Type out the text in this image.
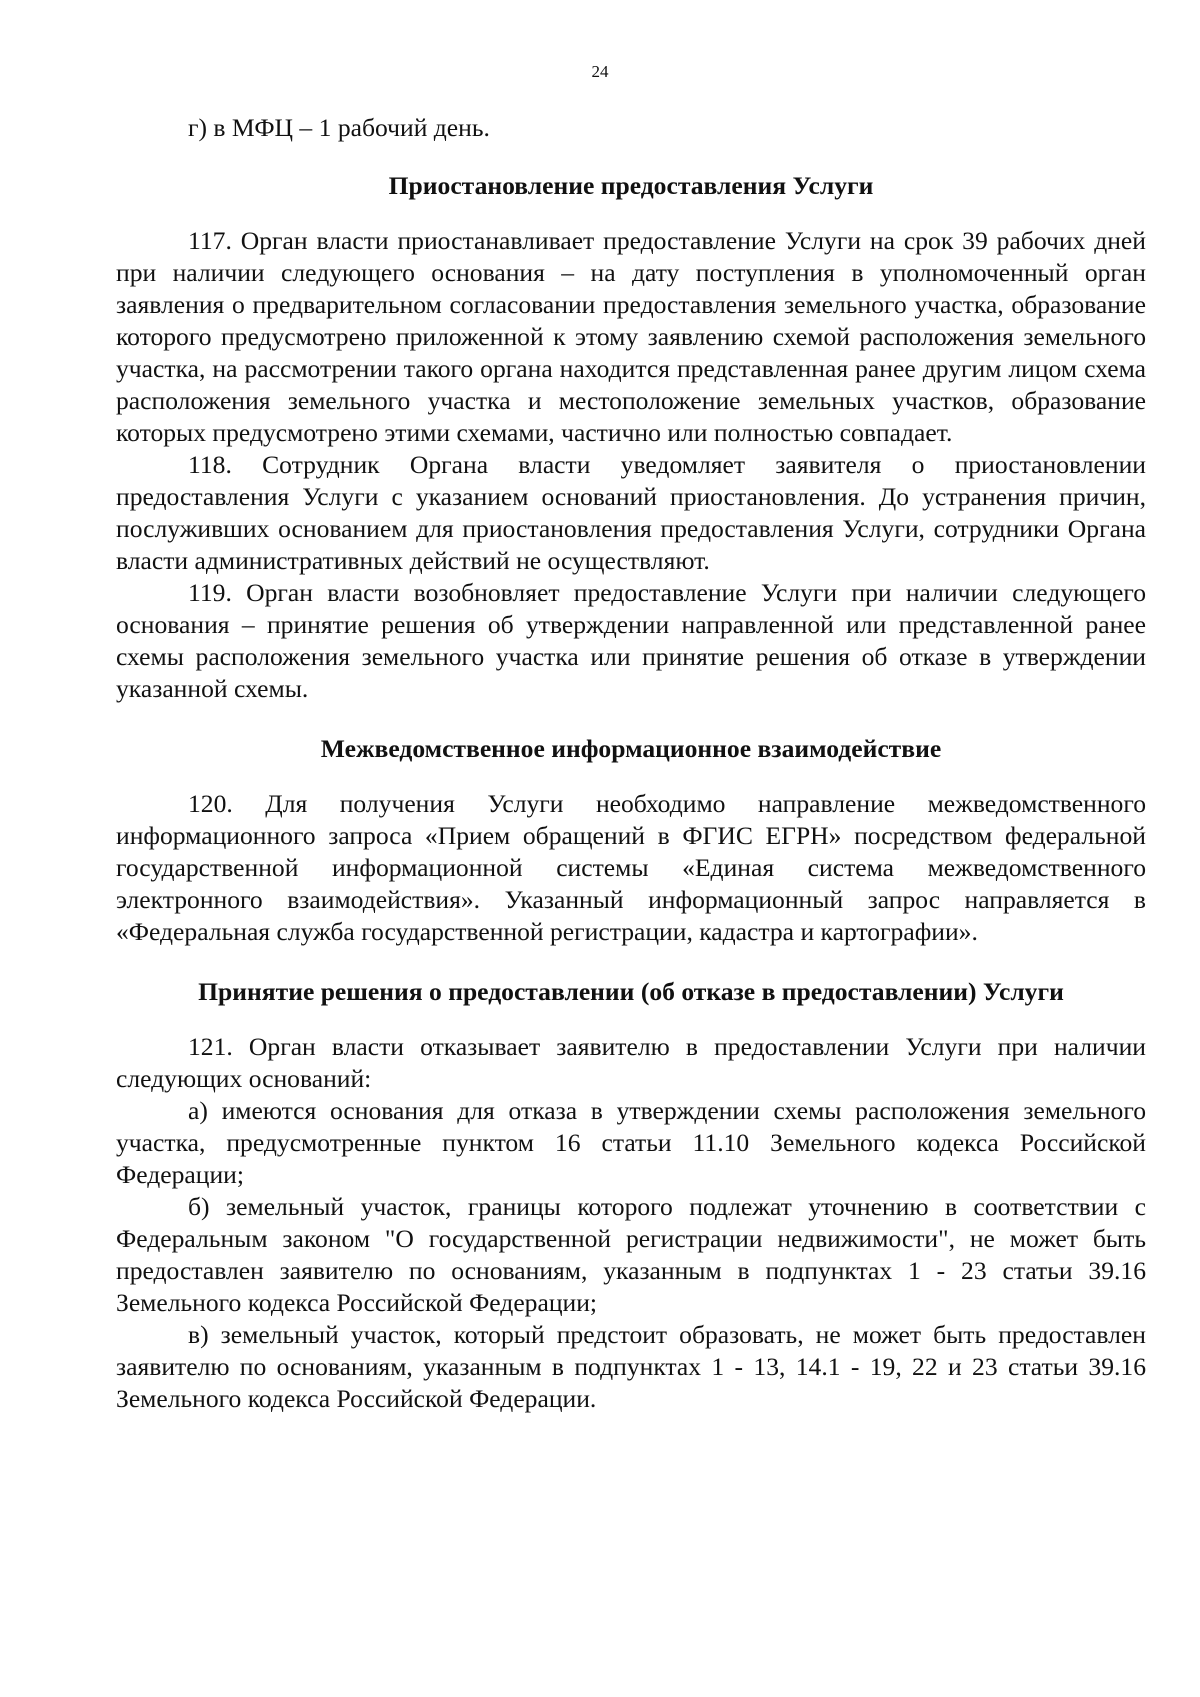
24

г) в МФЦ – 1 рабочий день.

Приостановление предоставления Услуги

117. Орган власти приостанавливает предоставление Услуги на срок 39 рабочих дней при наличии следующего основания – на дату поступления в уполномоченный орган заявления о предварительном согласовании предоставления земельного участка, образование которого предусмотрено приложенной к этому заявлению схемой расположения земельного участка, на рассмотрении такого органа находится представленная ранее другим лицом схема расположения земельного участка и местоположение земельных участков, образование которых предусмотрено этими схемами, частично или полностью совпадает.

118. Сотрудник Органа власти уведомляет заявителя о приостановлении предоставления Услуги с указанием оснований приостановления. До устранения причин, послуживших основанием для приостановления предоставления Услуги, сотрудники Органа власти административных действий не осуществляют.

119. Орган власти возобновляет предоставление Услуги при наличии следующего основания – принятие решения об утверждении направленной или представленной ранее схемы расположения земельного участка или принятие решения об отказе в утверждении указанной схемы.

Межведомственное информационное взаимодействие

120. Для получения Услуги необходимо направление межведомственного информационного запроса «Прием обращений в ФГИС ЕГРН» посредством федеральной государственной информационной системы «Единая система межведомственного электронного взаимодействия». Указанный информационный запрос направляется в «Федеральная служба государственной регистрации, кадастра и картографии».

Принятие решения о предоставлении (об отказе в предоставлении) Услуги

121. Орган власти отказывает заявителю в предоставлении Услуги при наличии следующих оснований:

а) имеются основания для отказа в утверждении схемы расположения земельного участка, предусмотренные пунктом 16 статьи 11.10 Земельного кодекса Российской Федерации;

б) земельный участок, границы которого подлежат уточнению в соответствии с Федеральным законом "О государственной регистрации недвижимости", не может быть предоставлен заявителю по основаниям, указанным в подпунктах 1 - 23 статьи 39.16 Земельного кодекса Российской Федерации;

в) земельный участок, который предстоит образовать, не может быть предоставлен заявителю по основаниям, указанным в подпунктах 1 - 13, 14.1 - 19, 22 и 23 статьи 39.16 Земельного кодекса Российской Федерации.
